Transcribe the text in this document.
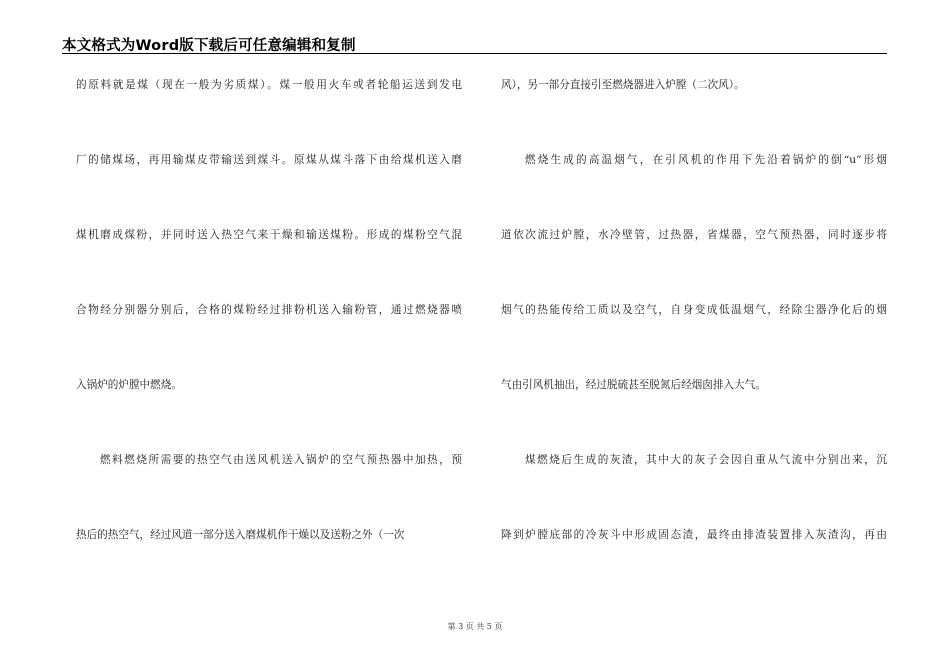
本文格式为Word版下载后可任意编辑和复制
的原料就是煤（现在一般为劣质煤）。煤一般用火车或者轮船运送到发电
厂的储煤场，再用输煤皮带输送到煤斗。原煤从煤斗落下由给煤机送入磨
煤机磨成煤粉，并同时送入热空气来干燥和输送煤粉。形成的煤粉空气混
合物经分别器分别后，合格的煤粉经过排粉机送入输粉管，通过燃烧器喷
入锅炉的炉膛中燃烧。
燃料燃烧所需要的热空气由送风机送入锅炉的空气预热器中加热，预
热后的热空气，经过风道一部分送入磨煤机作干燥以及送粉之外（一次
风），另一部分直接引至燃烧器进入炉膛（二次风）。
燃烧生成的高温烟气，在引风机的作用下先沿着锅炉的倒“u”形烟
道依次流过炉膛，水冷壁管，过热器，省煤器，空气预热器，同时逐步将
烟气的热能传给工质以及空气，自身变成低温烟气，经除尘器净化后的烟
气由引风机抽出，经过脱硫甚至脱氮后经烟囱排入大气。
煤燃烧后生成的灰渣，其中大的灰子会因自重从气流中分别出来，沉
降到炉膛底部的冷灰斗中形成固态渣，最终由排渣装置排入灰渣沟，再由
第 3 页 共 5 页
